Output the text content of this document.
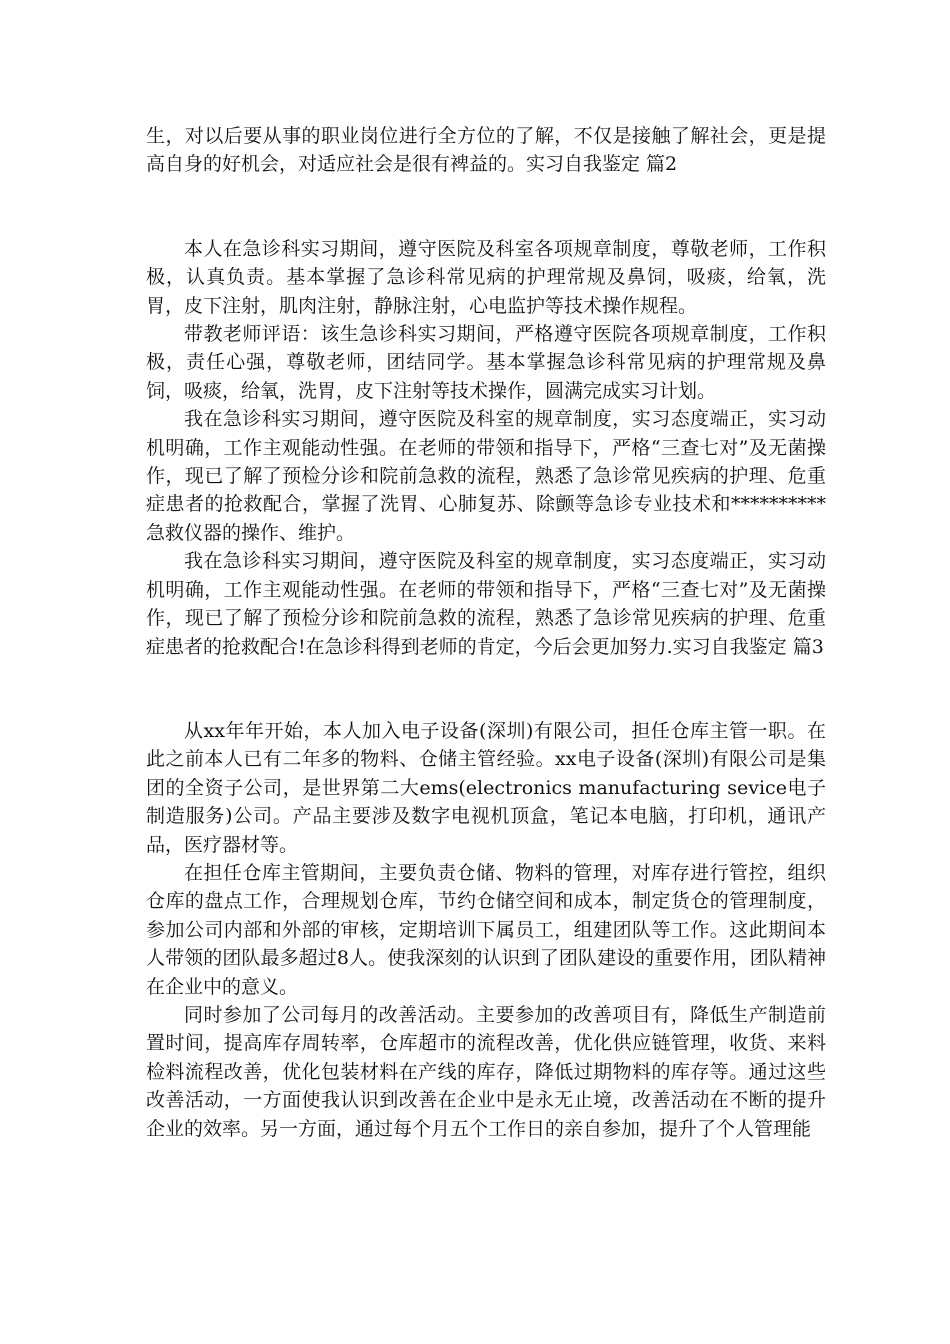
生，对以后要从事的职业岗位进行全方位的了解，不仅是接触了解社会，更是提高自身的好机会，对适应社会是很有裨益的。实习自我鉴定 篇2

本人在急诊科实习期间，遵守医院及科室各项规章制度，尊敬老师，工作积极，认真负责。基本掌握了急诊科常见病的护理常规及鼻饲，吸痰，给氧，洗胃，皮下注射，肌肉注射，静脉注射，心电监护等技术操作规程。

带教老师评语：该生急诊科实习期间，严格遵守医院各项规章制度，工作积极，责任心强，尊敬老师，团结同学。基本掌握急诊科常见病的护理常规及鼻饲，吸痰，给氧，洗胃，皮下注射等技术操作，圆满完成实习计划。

我在急诊科实习期间，遵守医院及科室的规章制度，实习态度端正，实习动机明确，工作主观能动性强。在老师的带领和指导下，严格“三查七对”及无菌操作，现已了解了预检分诊和院前急救的流程，熟悉了急诊常见疾病的护理、危重症患者的抢救配合，掌握了洗胃、心肺复苏、除颤等急诊专业技术和**********急救仪器的操作、维护。

我在急诊科实习期间，遵守医院及科室的规章制度，实习态度端正，实习动机明确，工作主观能动性强。在老师的带领和指导下，严格“三查七对”及无菌操作，现已了解了预检分诊和院前急救的流程，熟悉了急诊常见疾病的护理、危重症患者的抢救配合!在急诊科得到老师的肯定，今后会更加努力.实习自我鉴定 篇3

从xx年年开始，本人加入电子设备(深圳)有限公司，担任仓库主管一职。在此之前本人已有二年多的物料、仓储主管经验。xx电子设备(深圳)有限公司是集团的全资子公司，是世界第二大ems(electronics manufacturing sevice电子制造服务)公司。产品主要涉及数字电视机顶盒，笔记本电脑，打印机，通讯产品，医疗器材等。

在担任仓库主管期间，主要负责仓储、物料的管理，对库存进行管控，组织仓库的盘点工作，合理规划仓库，节约仓储空间和成本，制定货仓的管理制度，参加公司内部和外部的审核，定期培训下属员工，组建团队等工作。这此期间本人带领的团队最多超过8人。使我深刻的认识到了团队建设的重要作用，团队精神在企业中的意义。

同时参加了公司每月的改善活动。主要参加的改善项目有，降低生产制造前置时间，提高库存周转率，仓库超市的流程改善，优化供应链管理，收货、来料检料流程改善，优化包装材料在产线的库存，降低过期物料的库存等。通过这些改善活动，一方面使我认识到改善在企业中是永无止境，改善活动在不断的提升企业的效率。另一方面，通过每个月五个工作日的亲自参加，提升了个人管理能
